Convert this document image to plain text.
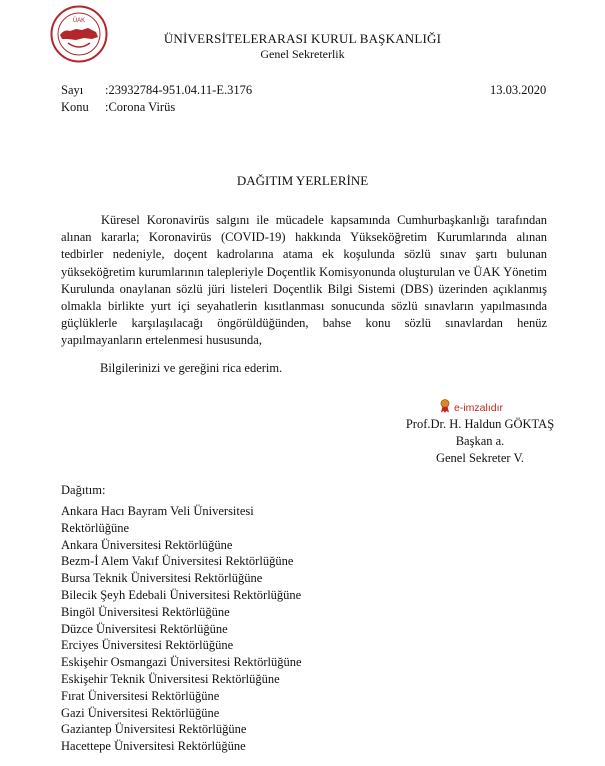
ÜAK
ÜNİVERSİTELERARASI KURUL BAŞKANLIĞI
Genel Sekreterlik
Sayı :23932784-951.04.11-E.3176	13.03.2020
Konu :Corona Virüs
DAĞITIM YERLERİNE

Küresel Koronavirüs salgını ile mücadele kapsamında Cumhurbaşkanlığı tarafından alınan kararla; Koronavirüs (COVID-19) hakkında Yükseköğretim Kurumlarında alınan tedbirler nedeniyle, doçent kadrolarına atama ek koşulunda sözlü sınav şartı bulunan yükseköğretim kurumlarının talepleriyle Doçentlik Komisyonunda oluşturulan ve ÜAK Yönetim Kurulunda onaylanan sözlü jüri listeleri Doçentlik Bilgi Sistemi (DBS) üzerinden açıklanmış olmakla birlikte yurt içi seyahatlerin kısıtlanması sonucunda sözlü sınavların yapılmasında güçlüklerle karşılaşılacağı öngörüldüğünden, bahse konu sözlü sınavlardan henüz yapılmayanların ertelenmesi hususunda,

Bilgilerinizi ve gereğini rica ederim.
e-imzalıdır
Prof.Dr. H. Haldun GÖKTAŞ
Başkan a.
Genel Sekreter V.
Dağıtım:
Ankara Hacı Bayram Veli Üniversitesi
Rektörlüğüne
Ankara Üniversitesi Rektörlüğüne
Bezm-İ Alem Vakıf Üniversitesi Rektörlüğüne
Bursa Teknik Üniversitesi Rektörlüğüne
Bilecik Şeyh Edebali Üniversitesi Rektörlüğüne
Bingöl Üniversitesi Rektörlüğüne
Düzce Üniversitesi Rektörlüğüne
Erciyes Üniversitesi Rektörlüğüne
Eskişehir Osmangazi Üniversitesi Rektörlüğüne
Eskişehir Teknik Üniversitesi Rektörlüğüne
Fırat Üniversitesi Rektörlüğüne
Gazi Üniversitesi Rektörlüğüne
Gaziantep Üniversitesi Rektörlüğüne
Hacettepe Üniversitesi Rektörlüğüne
